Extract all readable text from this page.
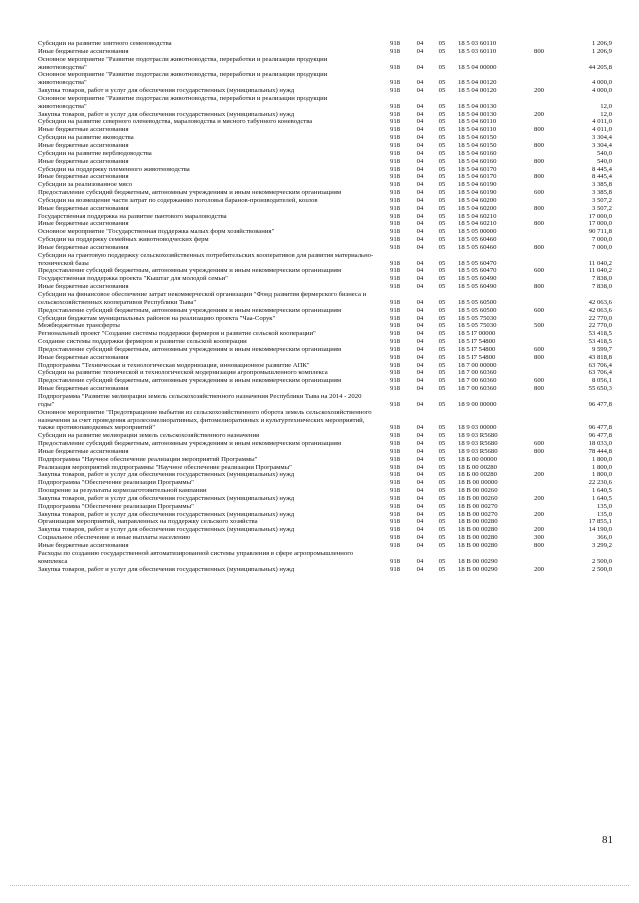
Субсидии на развитие элитного семеноводства	918	04	05	18 5 03 60110	1 206,9
Иные бюджетные ассигнования	918	04	05	18 5 03 60110	800	1 206,9
Основное мероприятие "Развитие подотрасли животноводства, переработки и реализации продукции животноводства"	918	04	05	18 5 04 00000	44 205,8
Основное мероприятие "Развитие подотрасли животноводства, переработки и реализации продукции животноводства"	918	04	05	18 5 04 00120	4 000,0
Закупка товаров, работ и услуг для обеспечения государственных (муниципальных) нужд	918	04	05	18 5 04 00120	200	4 000,0
Основное мероприятие "Развитие подотрасли животноводства, переработки и реализации продукции животноводства"	918	04	05	18 5 04 00130	12,0
Закупка товаров, работ и услуг для обеспечения государственных (муниципальных) нужд	918	04	05	18 5 04 00130	200	12,0
Субсидии на развитие северного оленеводства, мараловодства и мясного табунного коневодства	918	04	05	18 5 04 60110	4 011,0
Иные бюджетные ассигнования	918	04	05	18 5 04 60110	800	4 011,0
Субсидии на развитие яководства	918	04	05	18 5 04 60150	3 304,4
Иные бюджетные ассигнования	918	04	05	18 5 04 60150	800	3 304,4
Субсидии на развитие верблюдоводства	918	04	05	18 5 04 60160	540,0
Иные бюджетные ассигнования	918	04	05	18 5 04 60160	800	540,0
Субсидии на поддержку племенного животноводства	918	04	05	18 5 04 60170	8 445,4
Иные бюджетные ассигнования	918	04	05	18 5 04 60170	800	8 445,4
Субсидии за реализованное мясо	918	04	05	18 5 04 60190	3 385,8
Предоставление субсидий бюджетным, автономным учреждениям и иным некоммерческим организациям	918	04	05	18 5 04 60190	600	3 385,8
Субсидии на возмещение части затрат по содержанию поголовья баранов-производителей, козлов	918	04	05	18 5 04 60200	3 507,2
Иные бюджетные ассигнования	918	04	05	18 5 04 60200	800	3 507,2
Государственная поддержка на развитие пантового мараловодства	918	04	05	18 5 04 60210	17 000,0
Иные бюджетные ассигнования	918	04	05	18 5 04 60210	800	17 000,0
Основное мероприятие "Государственная поддержка малых форм хозяйствования"	918	04	05	18 5 05 00000	90 711,8
Субсидии на поддержку семейных животноводческих ферм	918	04	05	18 5 05 60460	7 000,0
Иные бюджетные ассигнования	918	04	05	18 5 05 60460	800	7 000,0
Субсидии на грантовую поддержку сельскохозяйственных потребительских кооперативов для развития материально-технической базы	918	04	05	18 5 05 60470	11 040,2
Предоставление субсидий бюджетным, автономным учреждениям и иным некоммерческим организациям	918	04	05	18 5 05 60470	600	11 040,2
Государственная поддержка проекта "Кыштаг для молодой семьи"	918	04	05	18 5 05 60490	7 838,0
Иные бюджетные ассигнования	918	04	05	18 5 05 60490	800	7 838,0
Субсидии на финансовое обеспечение затрат некоммерческой организации "Фонд развития фермерского бизнеса и сельскохозяйственных кооперативов Республики Тыва"	918	04	05	18 5 05 60500	42 063,6
Предоставление субсидий бюджетным, автономным учреждениям и иным некоммерческим организациям	918	04	05	18 5 05 60500	600	42 063,6
Субсидии бюджетам муниципальных районов на реализацию проекта "Чаа-Сорук"	918	04	05	18 5 05 75030	22 770,0
Межбюджетные трансферты	918	04	05	18 5 05 75030	500	22 770,0
Региональный проект "Создание системы поддержки фермеров и развитие сельской кооперации"	918	04	05	18 5 I7 00000	53 418,5
Создание системы поддержки фермеров и развитие сельской кооперации	918	04	05	18 5 I7 54800	53 418,5
Предоставление субсидий бюджетным, автономным учреждениям и иным некоммерческим организациям	918	04	05	18 5 I7 54800	600	9 599,7
Иные бюджетные ассигнования	918	04	05	18 5 I7 54800	800	43 818,8
Подпрограмма "Техническая и технологическая модернизация, инновационное развитие АПК"	918	04	05	18 7 00 00000	63 706,4
Субсидии на развитие технической и технологической модернизации агропромышленного комплекса	918	04	05	18 7 00 60360	63 706,4
Предоставление субсидий бюджетным, автономным учреждениям и иным некоммерческим организациям	918	04	05	18 7 00 60360	600	8 056,1
Иные бюджетные ассигнования	918	04	05	18 7 00 60360	800	55 650,3
Подпрограмма "Развитие мелиорации земель сельскохозяйственного назначения Республики Тыва на 2014 - 2020 годы"	918	04	05	18 9 00 00000	96 477,8
Основное мероприятие "Предотвращение выбытия из сельскохозяйственного оборота земель сельскохозяйственного назначения за счет проведения агролесомелиоративных, фитомелиоративных и культуртехнических мероприятий, также противопаводковых мероприятий"	918	04	05	18 9 03 00000	96 477,8
Субсидии на развитие мелиорации земель сельскохозяйственного назначения	918	04	05	18 9 03 R5680	96 477,8
Предоставление субсидий бюджетным, автономным учреждениям и иным некоммерческим организациям	918	04	05	18 9 03 R5680	600	18 033,0
Иные бюджетные ассигнования	918	04	05	18 9 03 R5680	800	78 444,8
Подпрограмма "Научное обеспечение реализации мероприятий Программы"	918	04	05	18 Б 00 00000	1 800,0
Реализация мероприятий подпрограммы "Научное обеспечение реализации Программы"	918	04	05	18 Б 00 00280	1 800,0
Закупка товаров, работ и услуг для обеспечения государственных (муниципальных) нужд	918	04	05	18 Б 00 00280	200	1 800,0
Подпрограмма "Обеспечение реализации Программы"	918	04	05	18 В 00 00000	22 230,6
Поощрение за результаты кормозаготовительной кампании	918	04	05	18 В 00 00260	1 640,5
Закупка товаров, работ и услуг для обеспечения государственных (муниципальных) нужд	918	04	05	18 В 00 00260	200	1 640,5
Подпрограмма "Обеспечение реализации Программы"	918	04	05	18 В 00 00270	135,0
Закупка товаров, работ и услуг для обеспечения государственных (муниципальных) нужд	918	04	05	18 В 00 00270	200	135,0
Организация мероприятий, направленных на поддержку сельского хозяйства	918	04	05	18 В 00 00280	17 855,1
Закупка товаров, работ и услуг для обеспечения государственных (муниципальных) нужд	918	04	05	18 В 00 00280	200	14 190,0
Социальное обеспечение и иные выплаты населению	918	04	05	18 В 00 00280	300	366,0
Иные бюджетные ассигнования	918	04	05	18 В 00 00280	800	3 299,2
Расходы по созданию государственной автоматизированной системы управления в сфере агропромышленного комплекса	918	04	05	18 В 00 00290	2 500,0
Закупка товаров, работ и услуг для обеспечения государственных (муниципальных) нужд	918	04	05	18 В 00 00290	200	2 500,0
81
